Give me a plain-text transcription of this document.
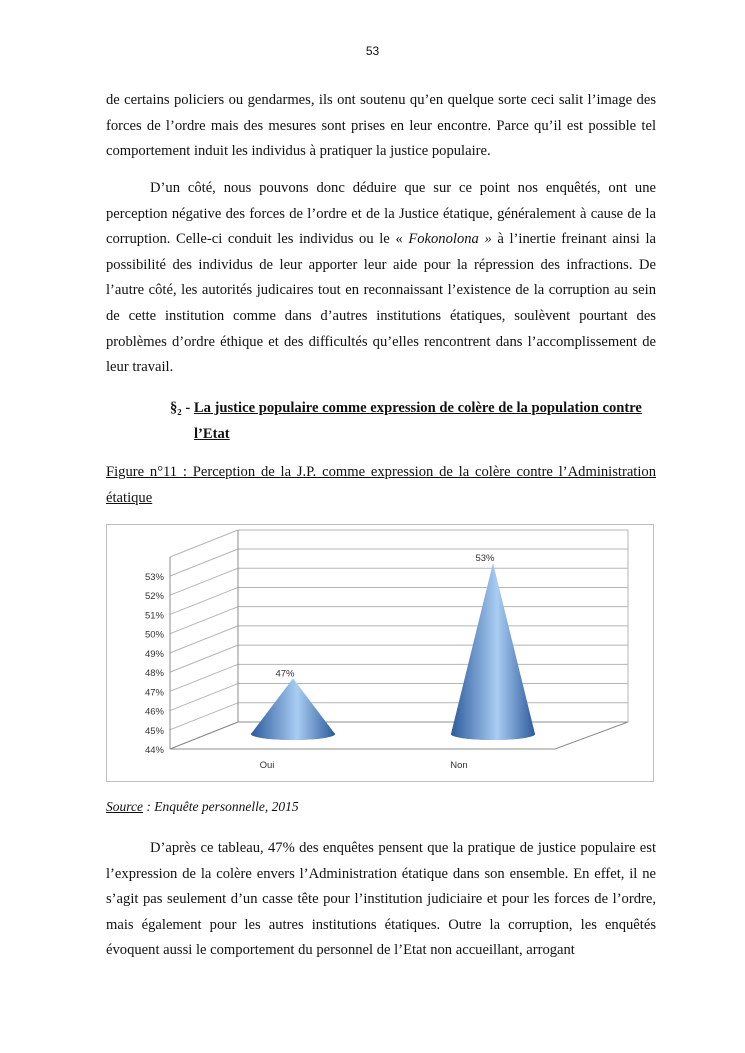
53

de certains policiers ou gendarmes, ils ont soutenu qu’en quelque sorte ceci salit l’image des forces de l’ordre mais des mesures sont prises en leur encontre. Parce qu’il est possible tel comportement induit les individus à pratiquer la justice populaire.

D’un côté, nous pouvons donc déduire que sur ce point nos enquêtés, ont une perception négative des forces de l’ordre et de la Justice étatique, généralement à cause de la corruption. Celle-ci conduit les individus ou le « Fokonolona » à l’inertie freinant ainsi la possibilité des individus de leur apporter leur aide pour la répression des infractions. De l’autre côté, les autorités judicaires tout en reconnaissant l’existence de la corruption au sein de cette institution comme dans d’autres institutions étatiques, soulèvent pourtant des problèmes d’ordre éthique et des difficultés qu’elles rencontrent dans l’accomplissement de leur travail.

§₂ - La justice populaire comme expression de colère de la population contre
l’Etat

Figure n°11 : Perception de la J.P. comme expression de la colère contre l’Administration étatique

44%
45%
46%
47%
48%
49%
50%
51%
52%
53%
47%
Oui
53%
Non
Source : Enquête personnelle, 2015

D’après ce tableau, 47% des enquêtes pensent que la pratique de justice populaire est l’expression de la colère envers l’Administration étatique dans son ensemble. En effet, il ne s’agit pas seulement d’un casse tête pour l’institution judiciaire et pour les forces de l’ordre, mais également pour les autres institutions étatiques. Outre la corruption, les enquêtés évoquent aussi le comportement du personnel de l’Etat non accueillant, arrogant
